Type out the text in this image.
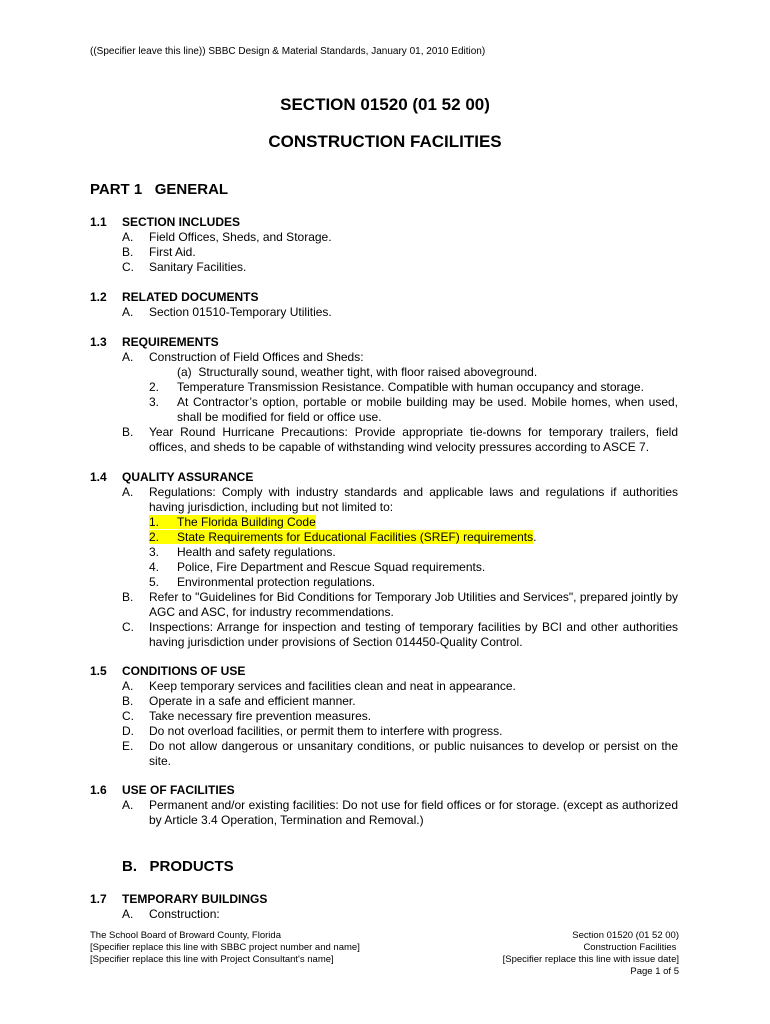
((Specifier leave this line)) SBBC Design & Material Standards, January 01, 2010 Edition)
SECTION 01520 (01 52 00)
CONSTRUCTION FACILITIES
PART 1   GENERAL
1.1 SECTION INCLUDES
A. Field Offices, Sheds, and Storage.
B. First Aid.
C. Sanitary Facilities.
1.2 RELATED DOCUMENTS
A. Section 01510-Temporary Utilities.
1.3 REQUIREMENTS
A. Construction of Field Offices and Sheds:
(a)  Structurally sound, weather tight, with floor raised aboveground.
2. Temperature Transmission Resistance. Compatible with human occupancy and storage.
3. At Contractor’s option, portable or mobile building may be used. Mobile homes, when used, shall be modified for field or office use.
B. Year Round Hurricane Precautions: Provide appropriate tie-downs for temporary trailers, field offices, and sheds to be capable of withstanding wind velocity pressures according to ASCE 7.
1.4 QUALITY ASSURANCE
A. Regulations: Comply with industry standards and applicable laws and regulations if authorities having jurisdiction, including but not limited to:
1.	The Florida Building Code
2.	State Requirements for Educational Facilities (SREF) requirements.
3. Health and safety regulations.
4. Police, Fire Department and Rescue Squad requirements.
5. Environmental protection regulations.
B. Refer to "Guidelines for Bid Conditions for Temporary Job Utilities and Services", prepared jointly by AGC and ASC, for industry recommendations.
C. Inspections: Arrange for inspection and testing of temporary facilities by BCI and other authorities having jurisdiction under provisions of Section 014450-Quality Control.
1.5 CONDITIONS OF USE
A. Keep temporary services and facilities clean and neat in appearance.
B. Operate in a safe and efficient manner.
C. Take necessary fire prevention measures.
D. Do not overload facilities, or permit them to interfere with progress.
E. Do not allow dangerous or unsanitary conditions, or public nuisances to develop or persist on the site.
1.6 USE OF FACILITIES
A. Permanent and/or existing facilities: Do not use for field offices or for storage. (except as authorized by Article 3.4 Operation, Termination and Removal.)
B.   PRODUCTS
1.7 TEMPORARY BUILDINGS
A. Construction:
The School Board of Broward County, Florida
[Specifier replace this line with SBBC project number and name]
[Specifier replace this line with Project Consultant's name]
Section 01520 (01 52 00)
Construction Facilities
[Specifier replace this line with issue date]
Page 1 of 5
